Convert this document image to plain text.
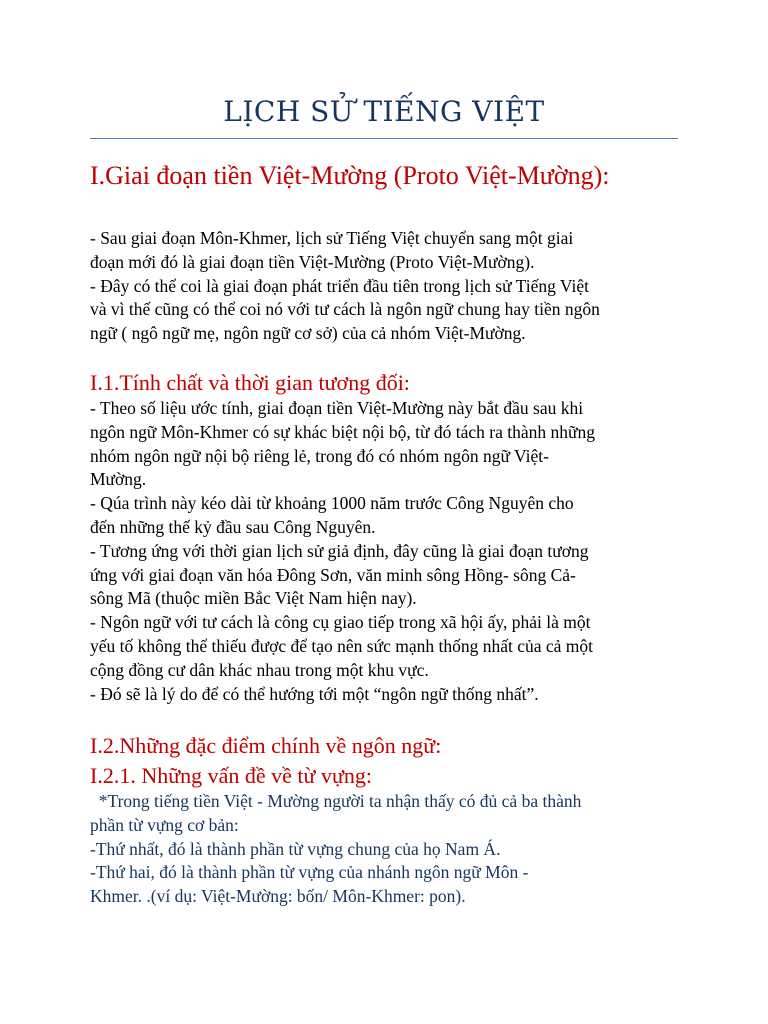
LỊCH SỬ TIẾNG VIỆT
I.Giai đoạn tiền Việt-Mường (Proto Việt-Mường):
- Sau giai đoạn Môn-Khmer, lịch sử Tiếng Việt chuyển sang một giai
đoạn mới đó là giai đoạn tiền Việt-Mường (Proto Việt-Mường).
- Đây có thể coi là giai đoạn phát triển đầu tiên trong lịch sử Tiếng Việt
và vì thế cũng có thể coi nó với tư cách là ngôn ngữ chung hay tiền ngôn
ngữ ( ngô ngữ mẹ, ngôn ngữ cơ sở) của cả nhóm Việt-Mường.
I.1.Tính chất và thời gian tương đối:
- Theo số liệu ước tính, giai đoạn tiền Việt-Mường này bắt đầu sau khi
ngôn ngữ Môn-Khmer có sự khác biệt nội bộ, từ đó tách ra thành những
nhóm ngôn ngữ nội bộ riêng lẻ, trong đó có nhóm ngôn ngữ Việt-
Mường.
- Qúa trình này kéo dài từ khoảng 1000 năm trước Công Nguyên cho
đến những thế kỷ đầu sau Công Nguyên.
- Tương ứng với thời gian lịch sử giả định, đây cũng là giai đoạn tương
ứng với giai đoạn văn hóa Đông Sơn, văn minh sông Hồng- sông Cả-
sông Mã (thuộc miền Bắc Việt Nam hiện nay).
- Ngôn ngữ với tư cách là công cụ giao tiếp trong xã hội ấy, phải là một
yếu tố không thể thiếu được để tạo nên sức mạnh thống nhất của cả một
cộng đồng cư dân khác nhau trong một khu vực.
- Đó sẽ là lý do để có thể hướng tới một “ngôn ngữ thống nhất”.
I.2.Những đặc điểm chính về ngôn ngữ:
I.2.1. Những vấn đề về từ vựng:
*Trong tiếng tiền Việt - Mường người ta nhận thấy có đủ cả ba thành
phần từ vựng cơ bản:
-Thứ nhất, đó là thành phần từ vựng chung của họ Nam Á.
-Thứ hai, đó là thành phần từ vựng của nhánh ngôn ngữ Môn -
Khmer. .(ví dụ: Việt-Mường: bốn/ Môn-Khmer: pon).
